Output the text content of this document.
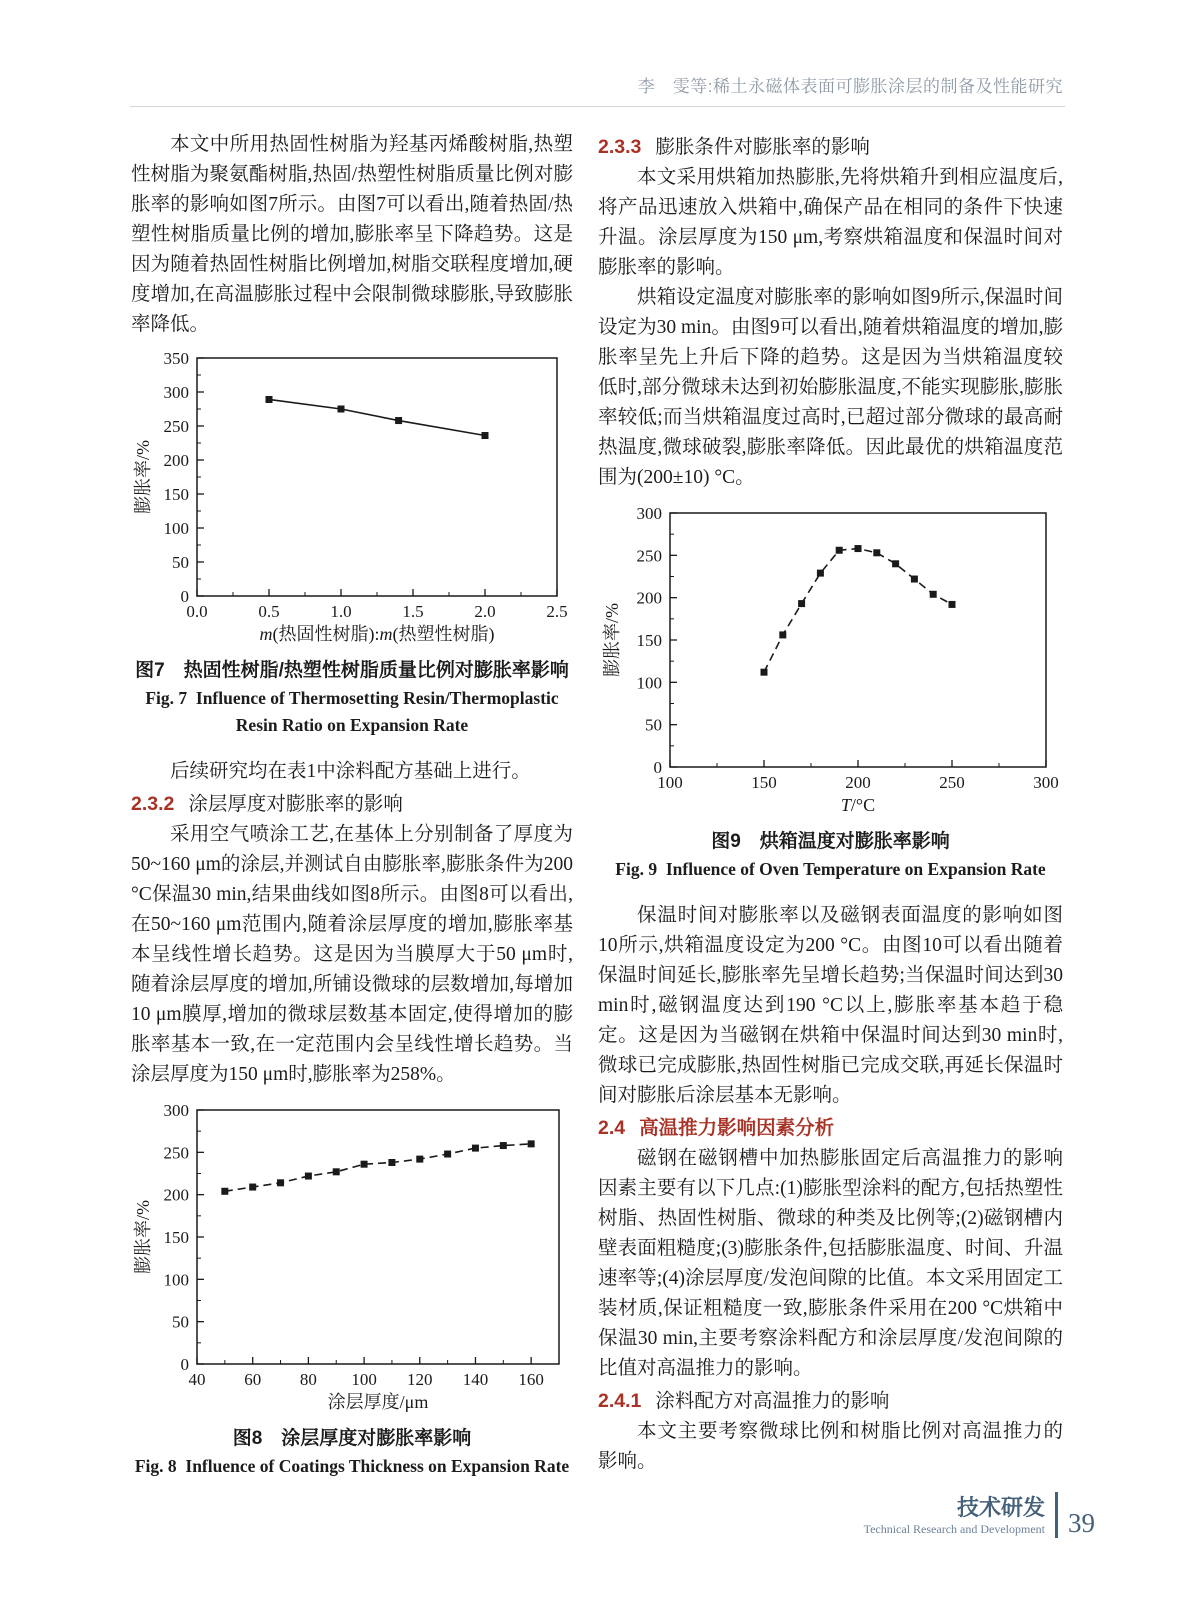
李　雯等:稀土永磁体表面可膨胀涂层的制备及性能研究

本文中所用热固性树脂为羟基丙烯酸树脂,热塑性树脂为聚氨酯树脂,热固/热塑性树脂质量比例对膨胀率的影响如图7所示。由图7可以看出,随着热固/热塑性树脂质量比例的增加,膨胀率呈下降趋势。这是因为随着热固性树脂比例增加,树脂交联程度增加,硬度增加,在高温膨胀过程中会限制微球膨胀,导致膨胀率降低。

0.0	0.5	1.0	1.5	2.0	2.5
0
50
100
150
200
250
300
350
m(热固性树脂):m(热塑性树脂)
膨胀率/%
图7　热固性树脂/热塑性树脂质量比例对膨胀率影响
Fig. 7  Influence of Thermosetting Resin/Thermoplastic Resin Ratio on Expansion Rate

后续研究均在表1中涂料配方基础上进行。

2.3.2 涂层厚度对膨胀率的影响

采用空气喷涂工艺,在基体上分别制备了厚度为50~160 μm的涂层,并测试自由膨胀率,膨胀条件为200 °C保温30 min,结果曲线如图8所示。由图8可以看出,在50~160 μm范围内,随着涂层厚度的增加,膨胀率基本呈线性增长趋势。这是因为当膜厚大于50 μm时,随着涂层厚度的增加,所铺设微球的层数增加,每增加10 μm膜厚,增加的微球层数基本固定,使得增加的膨胀率基本一致,在一定范围内会呈线性增长趋势。当涂层厚度为150 μm时,膨胀率为258%。

40 60 80 100 120 140 160
0
50
100
150
200
250
300
涂层厚度/μm
膨胀率/%
图8　涂层厚度对膨胀率影响
Fig. 8  Influence of Coatings Thickness on Expansion Rate
2.3.3 膨胀条件对膨胀率的影响

本文采用烘箱加热膨胀,先将烘箱升到相应温度后,将产品迅速放入烘箱中,确保产品在相同的条件下快速升温。涂层厚度为150 μm,考察烘箱温度和保温时间对膨胀率的影响。

烘箱设定温度对膨胀率的影响如图9所示,保温时间设定为30 min。由图9可以看出,随着烘箱温度的增加,膨胀率呈先上升后下降的趋势。这是因为当烘箱温度较低时,部分微球未达到初始膨胀温度,不能实现膨胀,膨胀率较低;而当烘箱温度过高时,已超过部分微球的最高耐热温度,微球破裂,膨胀率降低。因此最优的烘箱温度范围为(200±10) °C。

100	150	200	250	300
0
50
100
150
200
250
300
T/°C
膨胀率/%
图9　烘箱温度对膨胀率影响
Fig. 9  Influence of Oven Temperature on Expansion Rate

保温时间对膨胀率以及磁钢表面温度的影响如图10所示,烘箱温度设定为200 °C。由图10可以看出随着保温时间延长,膨胀率先呈增长趋势;当保温时间达到30 min时,磁钢温度达到190 °C以上,膨胀率基本趋于稳定。这是因为当磁钢在烘箱中保温时间达到30 min时,微球已完成膨胀,热固性树脂已完成交联,再延长保温时间对膨胀后涂层基本无影响。

2.4 高温推力影响因素分析

磁钢在磁钢槽中加热膨胀固定后高温推力的影响因素主要有以下几点:(1)膨胀型涂料的配方,包括热塑性树脂、热固性树脂、微球的种类及比例等;(2)磁钢槽内壁表面粗糙度;(3)膨胀条件,包括膨胀温度、时间、升温速率等;(4)涂层厚度/发泡间隙的比值。本文采用固定工装材质,保证粗糙度一致,膨胀条件采用在200 °C烘箱中保温30 min,主要考察涂料配方和涂层厚度/发泡间隙的比值对高温推力的影响。

2.4.1 涂料配方对高温推力的影响

本文主要考察微球比例和树脂比例对高温推力的影响。

技术研发
Technical Research and Development 39
